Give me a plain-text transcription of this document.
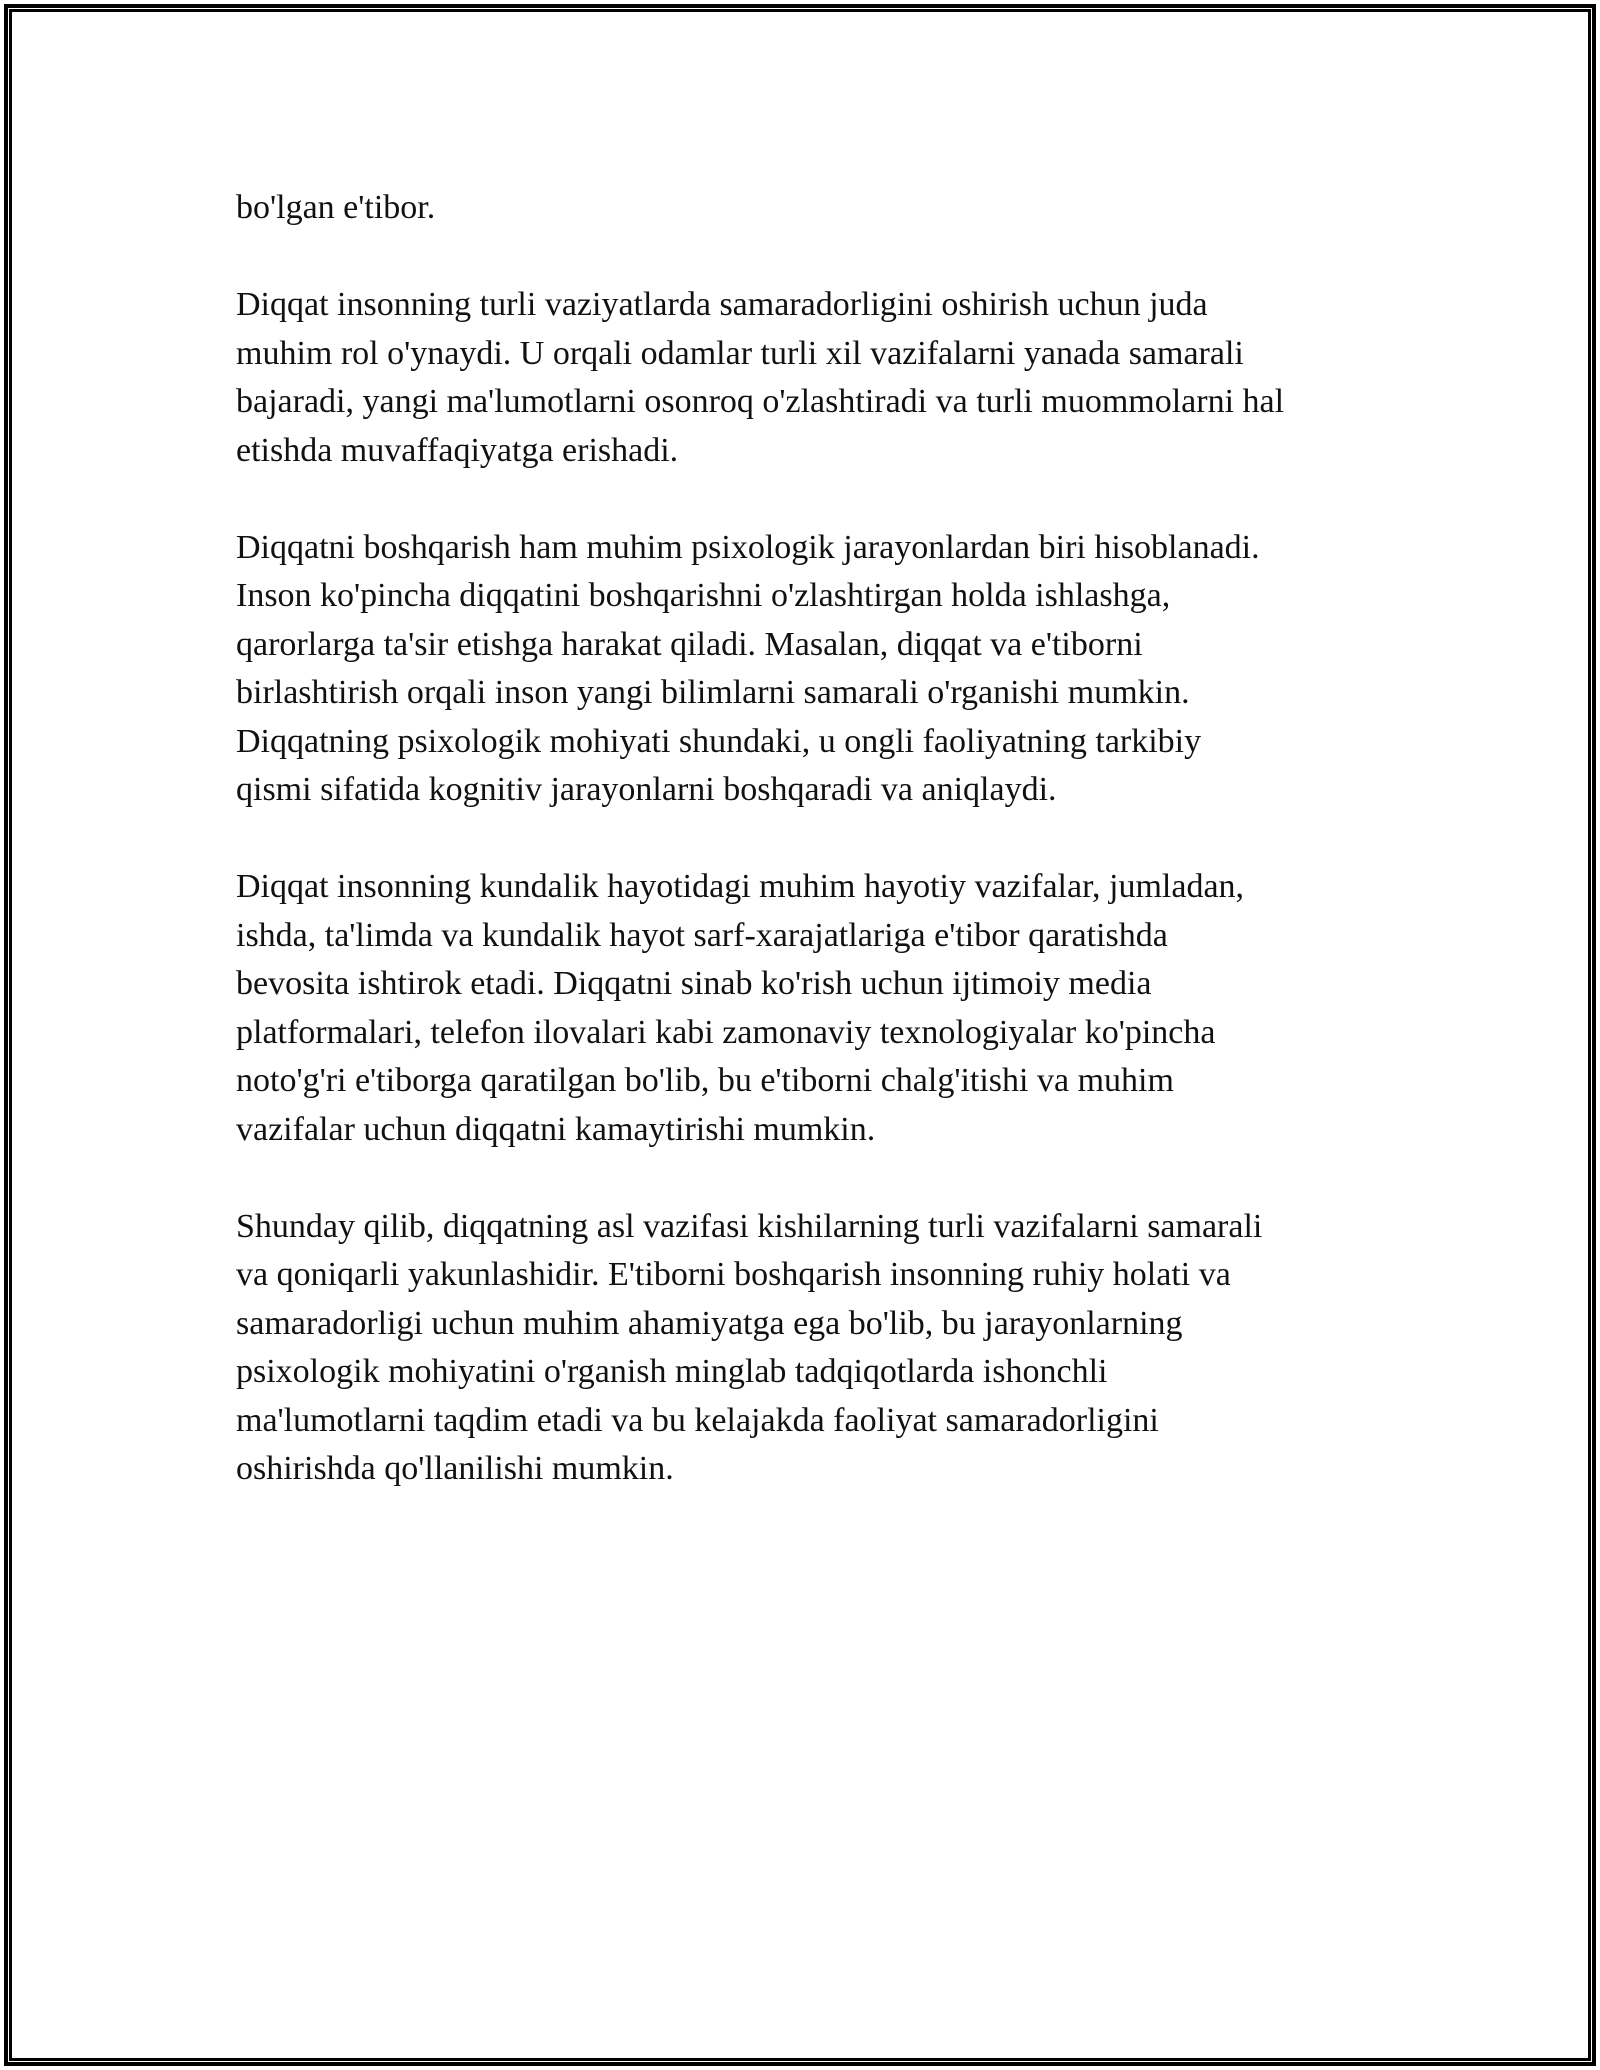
bo'lgan e'tibor.

Diqqat insonning turli vaziyatlarda samaradorligini oshirish uchun juda
muhim rol o'ynaydi. U orqali odamlar turli xil vazifalarni yanada samarali
bajaradi, yangi ma'lumotlarni osonroq o'zlashtiradi va turli muommolarni hal
etishda muvaffaqiyatga erishadi.

Diqqatni boshqarish ham muhim psixologik jarayonlardan biri hisoblanadi.
Inson ko'pincha diqqatini boshqarishni o'zlashtirgan holda ishlashga,
qarorlarga ta'sir etishga harakat qiladi. Masalan, diqqat va e'tiborni
birlashtirish orqali inson yangi bilimlarni samarali o'rganishi mumkin.
Diqqatning psixologik mohiyati shundaki, u ongli faoliyatning tarkibiy
qismi sifatida kognitiv jarayonlarni boshqaradi va aniqlaydi.

Diqqat insonning kundalik hayotidagi muhim hayotiy vazifalar, jumladan,
ishda, ta'limda va kundalik hayot sarf-xarajatlariga e'tibor qaratishda
bevosita ishtirok etadi. Diqqatni sinab ko'rish uchun ijtimoiy media
platformalari, telefon ilovalari kabi zamonaviy texnologiyalar ko'pincha
noto'g'ri e'tiborga qaratilgan bo'lib, bu e'tiborni chalg'itishi va muhim
vazifalar uchun diqqatni kamaytirishi mumkin.

Shunday qilib, diqqatning asl vazifasi kishilarning turli vazifalarni samarali
va qoniqarli yakunlashidir. E'tiborni boshqarish insonning ruhiy holati va
samaradorligi uchun muhim ahamiyatga ega bo'lib, bu jarayonlarning
psixologik mohiyatini o'rganish minglab tadqiqotlarda ishonchli
ma'lumotlarni taqdim etadi va bu kelajakda faoliyat samaradorligini
oshirishda qo'llanilishi mumkin.
